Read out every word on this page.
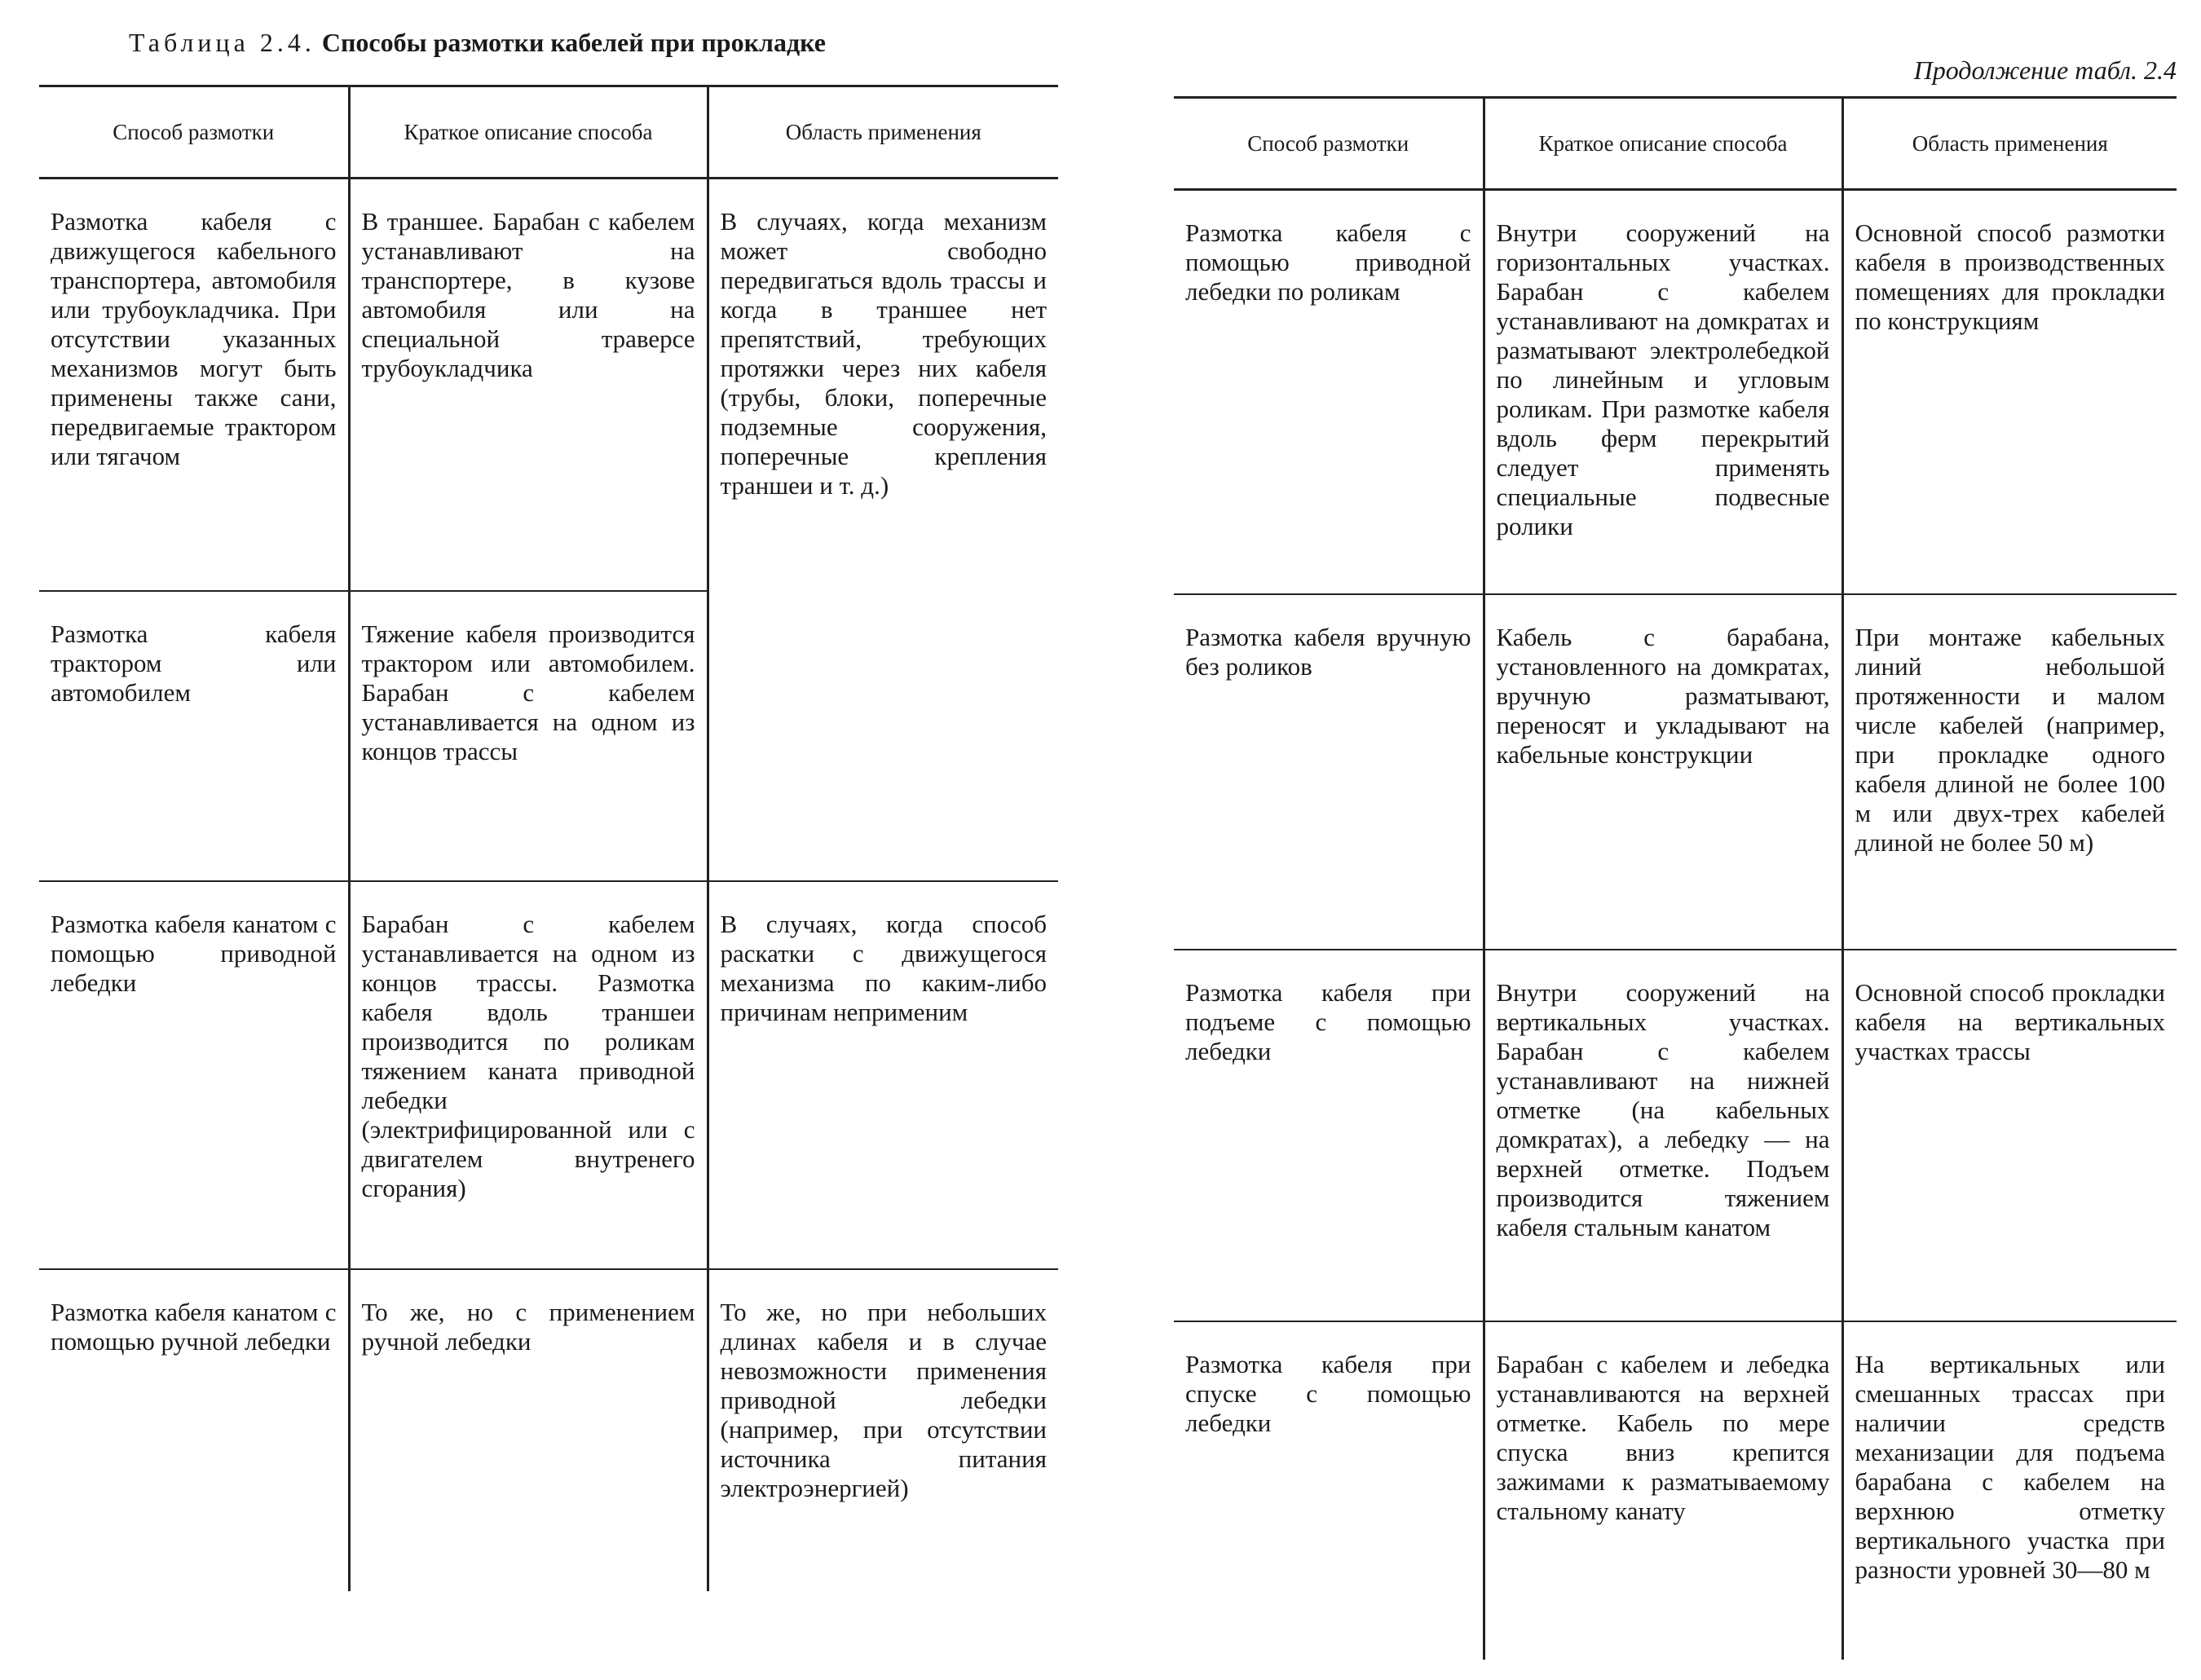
Таблица 2.4. Способы размотки кабелей при прокладке
Способ размотки	Краткое описание способа	Область применения
Размотка кабеля с движущегося кабельного транспортера, автомобиля или трубоукладчика. При отсутствии указанных механизмов могут быть применены также сани, передвигаемые трактором или тягачом	В траншее. Барабан с кабелем устанавливают на транспортере, в кузове автомобиля или на специальной траверсе трубоукладчика	В случаях, когда механизм может свободно передвигаться вдоль трассы и когда в траншее нет препятствий, требующих протяжки через них кабеля (трубы, блоки, поперечные подземные сооружения, поперечные крепления траншеи и т. д.)
Размотка кабеля трактором или автомобилем	Тяжение кабеля производится трактором или автомобилем. Барабан с кабелем устанавливается на одном из концов трассы	
Размотка кабеля канатом с помощью приводной лебедки	Барабан с кабелем устанавливается на одном из концов трассы. Размотка кабеля вдоль траншеи производится по роликам тяжением каната приводной лебедки (электрифицированной или с двигателем внутренего сгорания)	В случаях, когда способ раскатки с движущегося механизма по каким-либо причинам неприменим
Размотка кабеля канатом с помощью ручной лебедки	То же, но с применением ручной лебедки	То же, но при небольших длинах кабеля и в случае невозможности применения приводной лебедки (например, при отсутствии источника питания электроэнергией)
Продолжение табл. 2.4
Способ размотки	Краткое описание способа	Область применения
Размотка кабеля с помощью приводной лебедки по роликам	Внутри сооружений на горизонтальных участках. Барабан с кабелем устанавливают на домкратах и разматывают электролебедкой по линейным и угловым роликам. При размотке кабеля вдоль ферм перекрытий следует применять специальные подвесные ролики	Основной способ размотки кабеля в производственных помещениях для прокладки по конструкциям
Размотка кабеля вручную без роликов	Кабель с барабана, установленного на домкратах, вручную разматывают, переносят и укладывают на кабельные конструкции	При монтаже кабельных линий небольшой протяженности и малом числе кабелей (например, при прокладке одного кабеля длиной не более 100 м или двух-трех кабелей длиной не более 50 м)
Размотка кабеля при подъеме с помощью лебедки	Внутри сооружений на вертикальных участках. Барабан с кабелем устанавливают на нижней отметке (на кабельных домкратах), а лебедку — на верхней отметке. Подъем производится тяжением кабеля стальным канатом	Основной способ прокладки кабеля на вертикальных участках трассы
Размотка кабеля при спуске с помощью лебедки	Барабан с кабелем и лебедка устанавливаются на верхней отметке. Кабель по мере спуска вниз крепится зажимами к разматываемому стальному канату	На вертикальных или смешанных трассах при наличии средств механизации для подъема барабана с кабелем на верхнюю отметку вертикального участка при разности уровней 30—80 м
